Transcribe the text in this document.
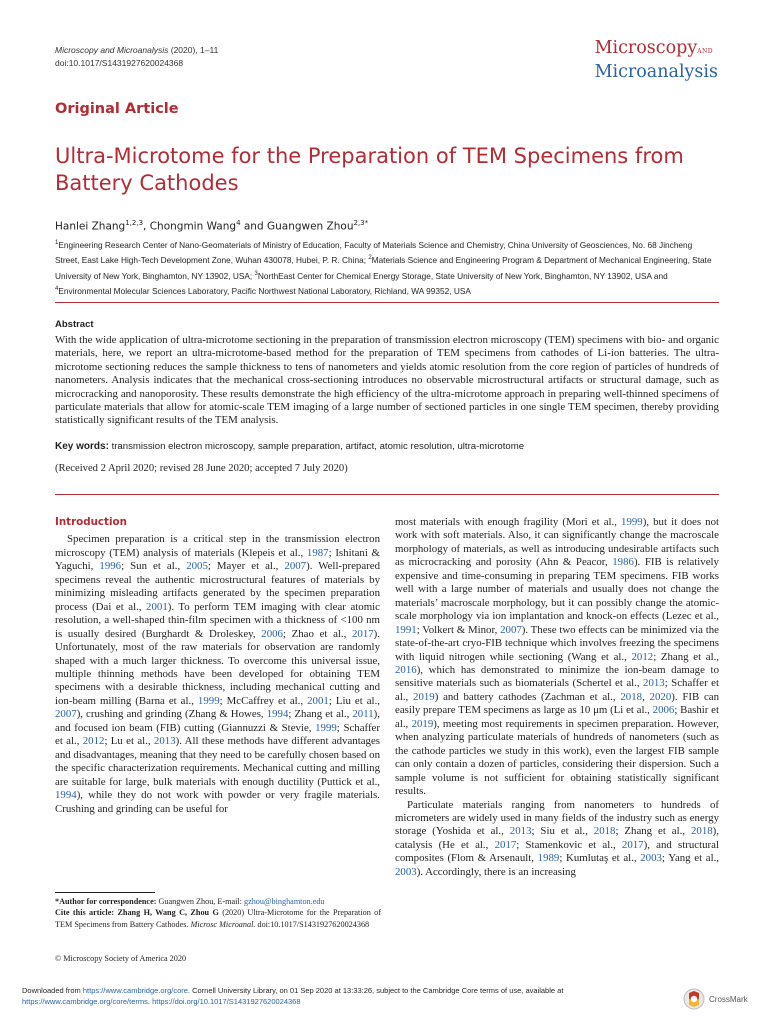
Microscopy and Microanalysis (2020), 1–11
doi:10.1017/S1431927620024368
MicroscopyAND
Microanalysis
Original Article
Ultra-Microtome for the Preparation of TEM Specimens from Battery Cathodes
Hanlei Zhang$^{1,2,3}$, Chongmin Wang$^4$ and Guangwen Zhou$^{2,3*}$
$^1$Engineering Research Center of Nano-Geomaterials of Ministry of Education, Faculty of Materials Science and Chemistry, China University of Geosciences, No. 68 Jincheng Street, East Lake High-Tech Development Zone, Wuhan 430078, Hubei, P. R. China; $^2$Materials Science and Engineering Program & Department of Mechanical Engineering, State University of New York, Binghamton, NY 13902, USA; $^3$NorthEast Center for Chemical Energy Storage, State University of New York, Binghamton, NY 13902, USA and $^4$Environmental Molecular Sciences Laboratory, Pacific Northwest National Laboratory, Richland, WA 99352, USA
Abstract
With the wide application of ultra-microtome sectioning in the preparation of transmission electron microscopy (TEM) specimens with bio- and organic materials, here, we report an ultra-microtome-based method for the preparation of TEM specimens from cathodes of Li-ion batteries. The ultra-microtome sectioning reduces the sample thickness to tens of nanometers and yields atomic resolution from the core region of particles of hundreds of nanometers. Analysis indicates that the mechanical cross-sectioning introduces no observable microstructural artifacts or structural damage, such as microcracking and nanoporosity. These results demonstrate the high efficiency of the ultra-microtome approach in preparing well-thinned specimens of particulate materials that allow for atomic-scale TEM imaging of a large number of sectioned particles in one single TEM specimen, thereby providing statistically significant results of the TEM analysis.
Key words: transmission electron microscopy, sample preparation, artifact, atomic resolution, ultra-microtome
(Received 2 April 2020; revised 28 June 2020; accepted 7 July 2020)
Introduction
Specimen preparation is a critical step in the transmission electron microscopy (TEM) analysis of materials (Klepeis et al., 1987; Ishitani & Yaguchi, 1996; Sun et al., 2005; Mayer et al., 2007). Well-prepared specimens reveal the authentic microstructural features of materials by minimizing misleading artifacts generated by the specimen preparation process (Dai et al., 2001). To perform TEM imaging with clear atomic resolution, a well-shaped thin-film specimen with a thickness of <100 nm is usually desired (Burghardt & Droleskey, 2006; Zhao et al., 2017). Unfortunately, most of the raw materials for observation are randomly shaped with a much larger thickness. To overcome this universal issue, multiple thinning methods have been developed for obtaining TEM specimens with a desirable thickness, including mechanical cutting and ion-beam milling (Barna et al., 1999; McCaffrey et al., 2001; Liu et al., 2007), crushing and grinding (Zhang & Howes, 1994; Zhang et al., 2011), and focused ion beam (FIB) cutting (Giannuzzi & Stevie, 1999; Schaffer et al., 2012; Lu et al., 2013). All these methods have different advantages and disadvantages, meaning that they need to be carefully chosen based on the specific characterization requirements. Mechanical cutting and milling are suitable for large, bulk materials with enough ductility (Puttick et al., 1994), while they do not work with powder or very fragile materials. Crushing and grinding can be useful for
most materials with enough fragility (Mori et al., 1999), but it does not work with soft materials. Also, it can significantly change the macroscale morphology of materials, as well as introducing undesirable artifacts such as microcracking and porosity (Ahn & Peacor, 1986). FIB is relatively expensive and time-consuming in preparing TEM specimens. FIB works well with a large number of materials and usually does not change the materials’ macroscale morphology, but it can possibly change the atomic-scale morphology via ion implantation and knock-on effects (Lezec et al., 1991; Volkert & Minor, 2007). These two effects can be minimized via the state-of-the-art cryo-FIB technique which involves freezing the specimens with liquid nitrogen while sectioning (Wang et al., 2012; Zhang et al., 2016), which has demonstrated to minimize the ion-beam damage to sensitive materials such as biomaterials (Schertel et al., 2013; Schaffer et al., 2019) and battery cathodes (Zachman et al., 2018, 2020). FIB can easily prepare TEM specimens as large as 10 μm (Li et al., 2006; Bashir et al., 2019), meeting most requirements in specimen preparation. However, when analyzing particulate materials of hundreds of nanometers (such as the cathode particles we study in this work), even the largest FIB sample can only contain a dozen of particles, considering their dispersion. Such a sample volume is not sufficient for obtaining statistically significant results.
Particulate materials ranging from nanometers to hundreds of micrometers are widely used in many fields of the industry such as energy storage (Yoshida et al., 2013; Siu et al., 2018; Zhang et al., 2018), catalysis (He et al., 2017; Stamenkovic et al., 2017), and structural composites (Flom & Arsenault, 1989; Kumlutaş et al., 2003; Yang et al., 2003). Accordingly, there is an increasing
*Author for correspondence: Guangwen Zhou, E-mail: gzhou@binghamton.edu
Cite this article: Zhang H, Wang C, Zhou G (2020) Ultra-Microtome for the Preparation of TEM Specimens from Battery Cathodes. Microsc Microanal. doi:10.1017/S1431927620024368
© Microscopy Society of America 2020
Downloaded from https://www.cambridge.org/core. Cornell University Library, on 01 Sep 2020 at 13:33:26, subject to the Cambridge Core terms of use, available at
https://www.cambridge.org/core/terms. https://doi.org/10.1017/S1431927620024368	CrossMark
